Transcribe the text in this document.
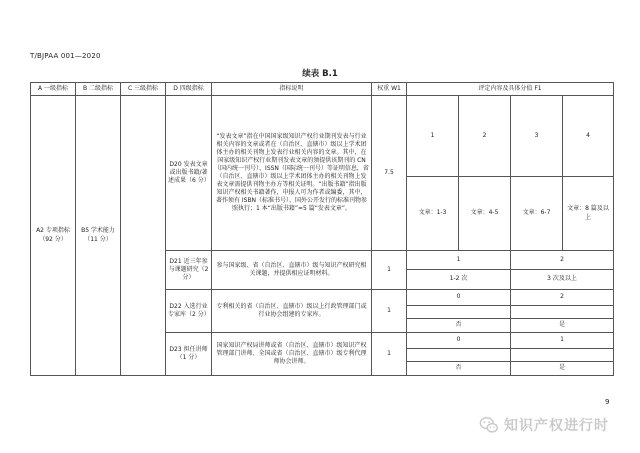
T/BJPAA 001—2020
续表 B.1
A 一级指标	B 二级指标	C 三级指标	D 四级指标	指标说明	权重 W1	评定内容及具体分值 F1			
A2 专项指标（92 分）	B5 学术能力（11 分）		D20 发表文章或出版书籍/著述成果（6 分）	“发表文章”指在中国国家级知识产权行业期刊发表与行业相关内容的文章或者在（自治区、直辖市）级以上学术团体主办的相关刊物上发表行业相关内容的文章。其中，在国家级知识产权行业期刊发表文章的须提供该期刊的 CN（国内统一刊号）、ISSN（国际统一刊号）等证明信息，省（自治区、直辖市）级以上学术团体主办的相关刊物上发表文章需提供刊物主办方等相关证明。“出版书籍”指出版知识产权相关书籍著作，申报人可为作者或编委，其中，著作须有 ISBN（标准书号）、国外公开发行的标准刊物参照执行；1 本“出版书籍”=5 篇“发表文章”。	7.5	1	2	3	4
						文章：1-3	文章：4-5	文章：6-7	文章：8 篇及以上
			D21 近三年参与课题研究（2 分）	参与国家级、省（自治区、直辖市）级与知识产权研究相关课题，并提供相应证明材料。	1	1		2	
						1-2 次		3 次及以上	
			D22 入选行业专家库（2 分）	专利相关的省（自治区、直辖市）级以上行政管理部门或行业协会组建的专家库。	1	0		2	

						否		是	
			D23 担任讲师（1 分）	国家知识产权局讲师或省（自治区、直辖市）级知识产权管理部门讲师、全国或省（自治区、直辖市）级专利代理师协会讲师。	1	0		1	

						否		是	
9
知识产权进行时
